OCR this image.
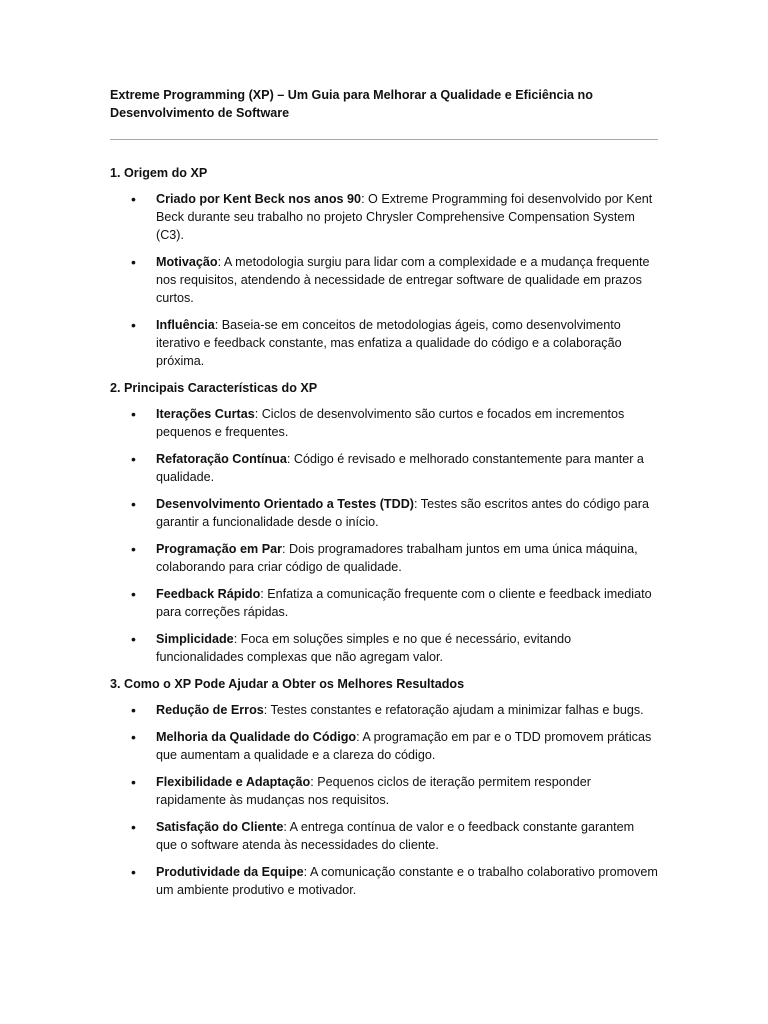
Extreme Programming (XP) – Um Guia para Melhorar a Qualidade e Eficiência no Desenvolvimento de Software
1. Origem do XP
• Criado por Kent Beck nos anos 90: O Extreme Programming foi desenvolvido por Kent Beck durante seu trabalho no projeto Chrysler Comprehensive Compensation System (C3).
• Motivação: A metodologia surgiu para lidar com a complexidade e a mudança frequente nos requisitos, atendendo à necessidade de entregar software de qualidade em prazos curtos.
• Influência: Baseia-se em conceitos de metodologias ágeis, como desenvolvimento iterativo e feedback constante, mas enfatiza a qualidade do código e a colaboração próxima.
2. Principais Características do XP
• Iterações Curtas: Ciclos de desenvolvimento são curtos e focados em incrementos pequenos e frequentes.
• Refatoração Contínua: Código é revisado e melhorado constantemente para manter a qualidade.
• Desenvolvimento Orientado a Testes (TDD): Testes são escritos antes do código para garantir a funcionalidade desde o início.
• Programação em Par: Dois programadores trabalham juntos em uma única máquina, colaborando para criar código de qualidade.
• Feedback Rápido: Enfatiza a comunicação frequente com o cliente e feedback imediato para correções rápidas.
• Simplicidade: Foca em soluções simples e no que é necessário, evitando funcionalidades complexas que não agregam valor.
3. Como o XP Pode Ajudar a Obter os Melhores Resultados
• Redução de Erros: Testes constantes e refatoração ajudam a minimizar falhas e bugs.
• Melhoria da Qualidade do Código: A programação em par e o TDD promovem práticas que aumentam a qualidade e a clareza do código.
• Flexibilidade e Adaptação: Pequenos ciclos de iteração permitem responder rapidamente às mudanças nos requisitos.
• Satisfação do Cliente: A entrega contínua de valor e o feedback constante garantem que o software atenda às necessidades do cliente.
• Produtividade da Equipe: A comunicação constante e o trabalho colaborativo promovem um ambiente produtivo e motivador.
